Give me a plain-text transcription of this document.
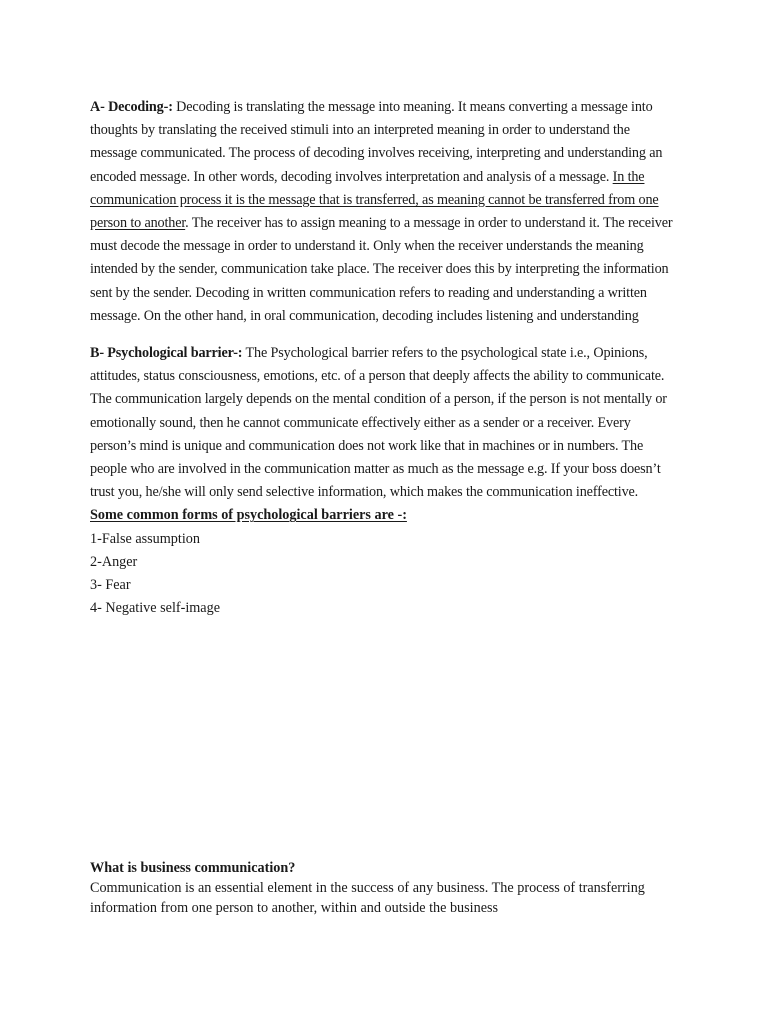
A- Decoding-: Decoding is translating the message into meaning. It means converting a message into thoughts by translating the received stimuli into an interpreted meaning in order to understand the message communicated. The process of decoding involves receiving, interpreting and understanding an encoded message. In other words, decoding involves interpretation and analysis of a message. In the communication process it is the message that is transferred, as meaning cannot be transferred from one person to another. The receiver has to assign meaning to a message in order to understand it. The receiver must decode the message in order to understand it. Only when the receiver understands the meaning intended by the sender, communication take place. The receiver does this by interpreting the information sent by the sender. Decoding in written communication refers to reading and understanding a written message. On the other hand, in oral communication, decoding includes listening and understanding

B- Psychological barrier-: The Psychological barrier refers to the psychological state i.e., Opinions, attitudes, status consciousness, emotions, etc. of a person that deeply affects the ability to communicate. The communication largely depends on the mental condition of a person, if the person is not mentally or emotionally sound, then he cannot communicate effectively either as a sender or a receiver. Every person’s mind is unique and communication does not work like that in machines or in numbers. The people who are involved in the communication matter as much as the message e.g. If your boss doesn’t trust you, he/she will only send selective information, which makes the communication ineffective.

Some common forms of psychological barriers are -:

1-False assumption
2-Anger
3- Fear
4- Negative self-image

What is business communication?

Communication is an essential element in the success of any business. The process of transferring information from one person to another, within and outside the business
